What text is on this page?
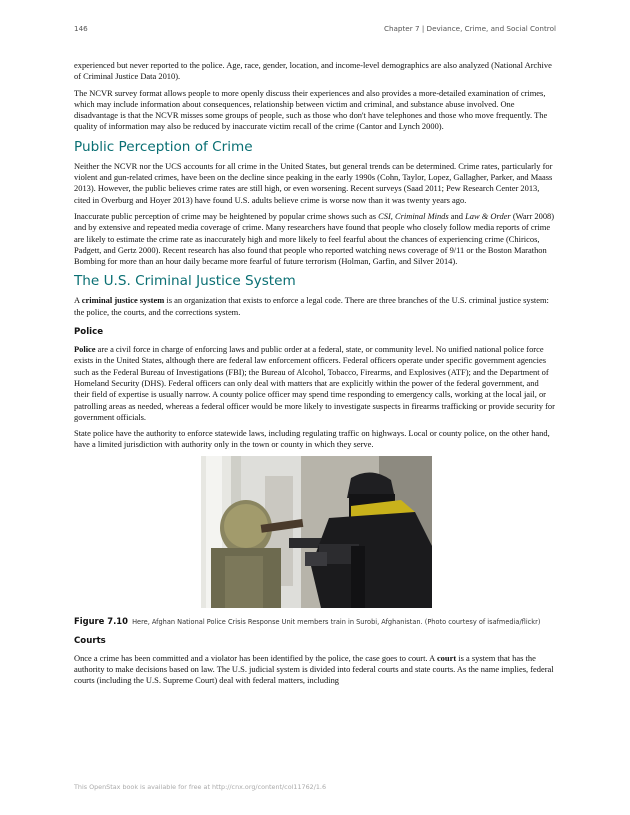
146	Chapter 7 | Deviance, Crime, and Social Control

experienced but never reported to the police. Age, race, gender, location, and income-level demographics are also analyzed (National Archive of Criminal Justice Data 2010).

The NCVR survey format allows people to more openly discuss their experiences and also provides a more-detailed examination of crimes, which may include information about consequences, relationship between victim and criminal, and substance abuse involved. One disadvantage is that the NCVR misses some groups of people, such as those who don't have telephones and those who move frequently. The quality of information may also be reduced by inaccurate victim recall of the crime (Cantor and Lynch 2000).

Public Perception of Crime

Neither the NCVR nor the UCS accounts for all crime in the United States, but general trends can be determined. Crime rates, particularly for violent and gun-related crimes, have been on the decline since peaking in the early 1990s (Cohn, Taylor, Lopez, Gallagher, Parker, and Maass 2013). However, the public believes crime rates are still high, or even worsening. Recent surveys (Saad 2011; Pew Research Center 2013, cited in Overburg and Hoyer 2013) have found U.S. adults believe crime is worse now than it was twenty years ago.

Inaccurate public perception of crime may be heightened by popular crime shows such as CSI, Criminal Minds and Law & Order (Warr 2008) and by extensive and repeated media coverage of crime. Many researchers have found that people who closely follow media reports of crime are likely to estimate the crime rate as inaccurately high and more likely to feel fearful about the chances of experiencing crime (Chiricos, Padgett, and Gertz 2000). Recent research has also found that people who reported watching news coverage of 9/11 or the Boston Marathon Bombing for more than an hour daily became more fearful of future terrorism (Holman, Garfin, and Silver 2014).

The U.S. Criminal Justice System

A criminal justice system is an organization that exists to enforce a legal code. There are three branches of the U.S. criminal justice system: the police, the courts, and the corrections system.

Police

Police are a civil force in charge of enforcing laws and public order at a federal, state, or community level. No unified national police force exists in the United States, although there are federal law enforcement officers. Federal officers operate under specific government agencies such as the Federal Bureau of Investigations (FBI); the Bureau of Alcohol, Tobacco, Firearms, and Explosives (ATF); and the Department of Homeland Security (DHS). Federal officers can only deal with matters that are explicitly within the power of the federal government, and their field of expertise is usually narrow. A county police officer may spend time responding to emergency calls, working at the local jail, or patrolling areas as needed, whereas a federal officer would be more likely to investigate suspects in firearms trafficking or provide security for government officials.

State police have the authority to enforce statewide laws, including regulating traffic on highways. Local or county police, on the other hand, have a limited jurisdiction with authority only in the town or county in which they serve.

Figure 7.10 Here, Afghan National Police Crisis Response Unit members train in Surobi, Afghanistan. (Photo courtesy of isafmedia/flickr)
Courts

Once a crime has been committed and a violator has been identified by the police, the case goes to court. A court is a system that has the authority to make decisions based on law. The U.S. judicial system is divided into federal courts and state courts. As the name implies, federal courts (including the U.S. Supreme Court) deal with federal matters, including

This OpenStax book is available for free at http://cnx.org/content/col11762/1.6
